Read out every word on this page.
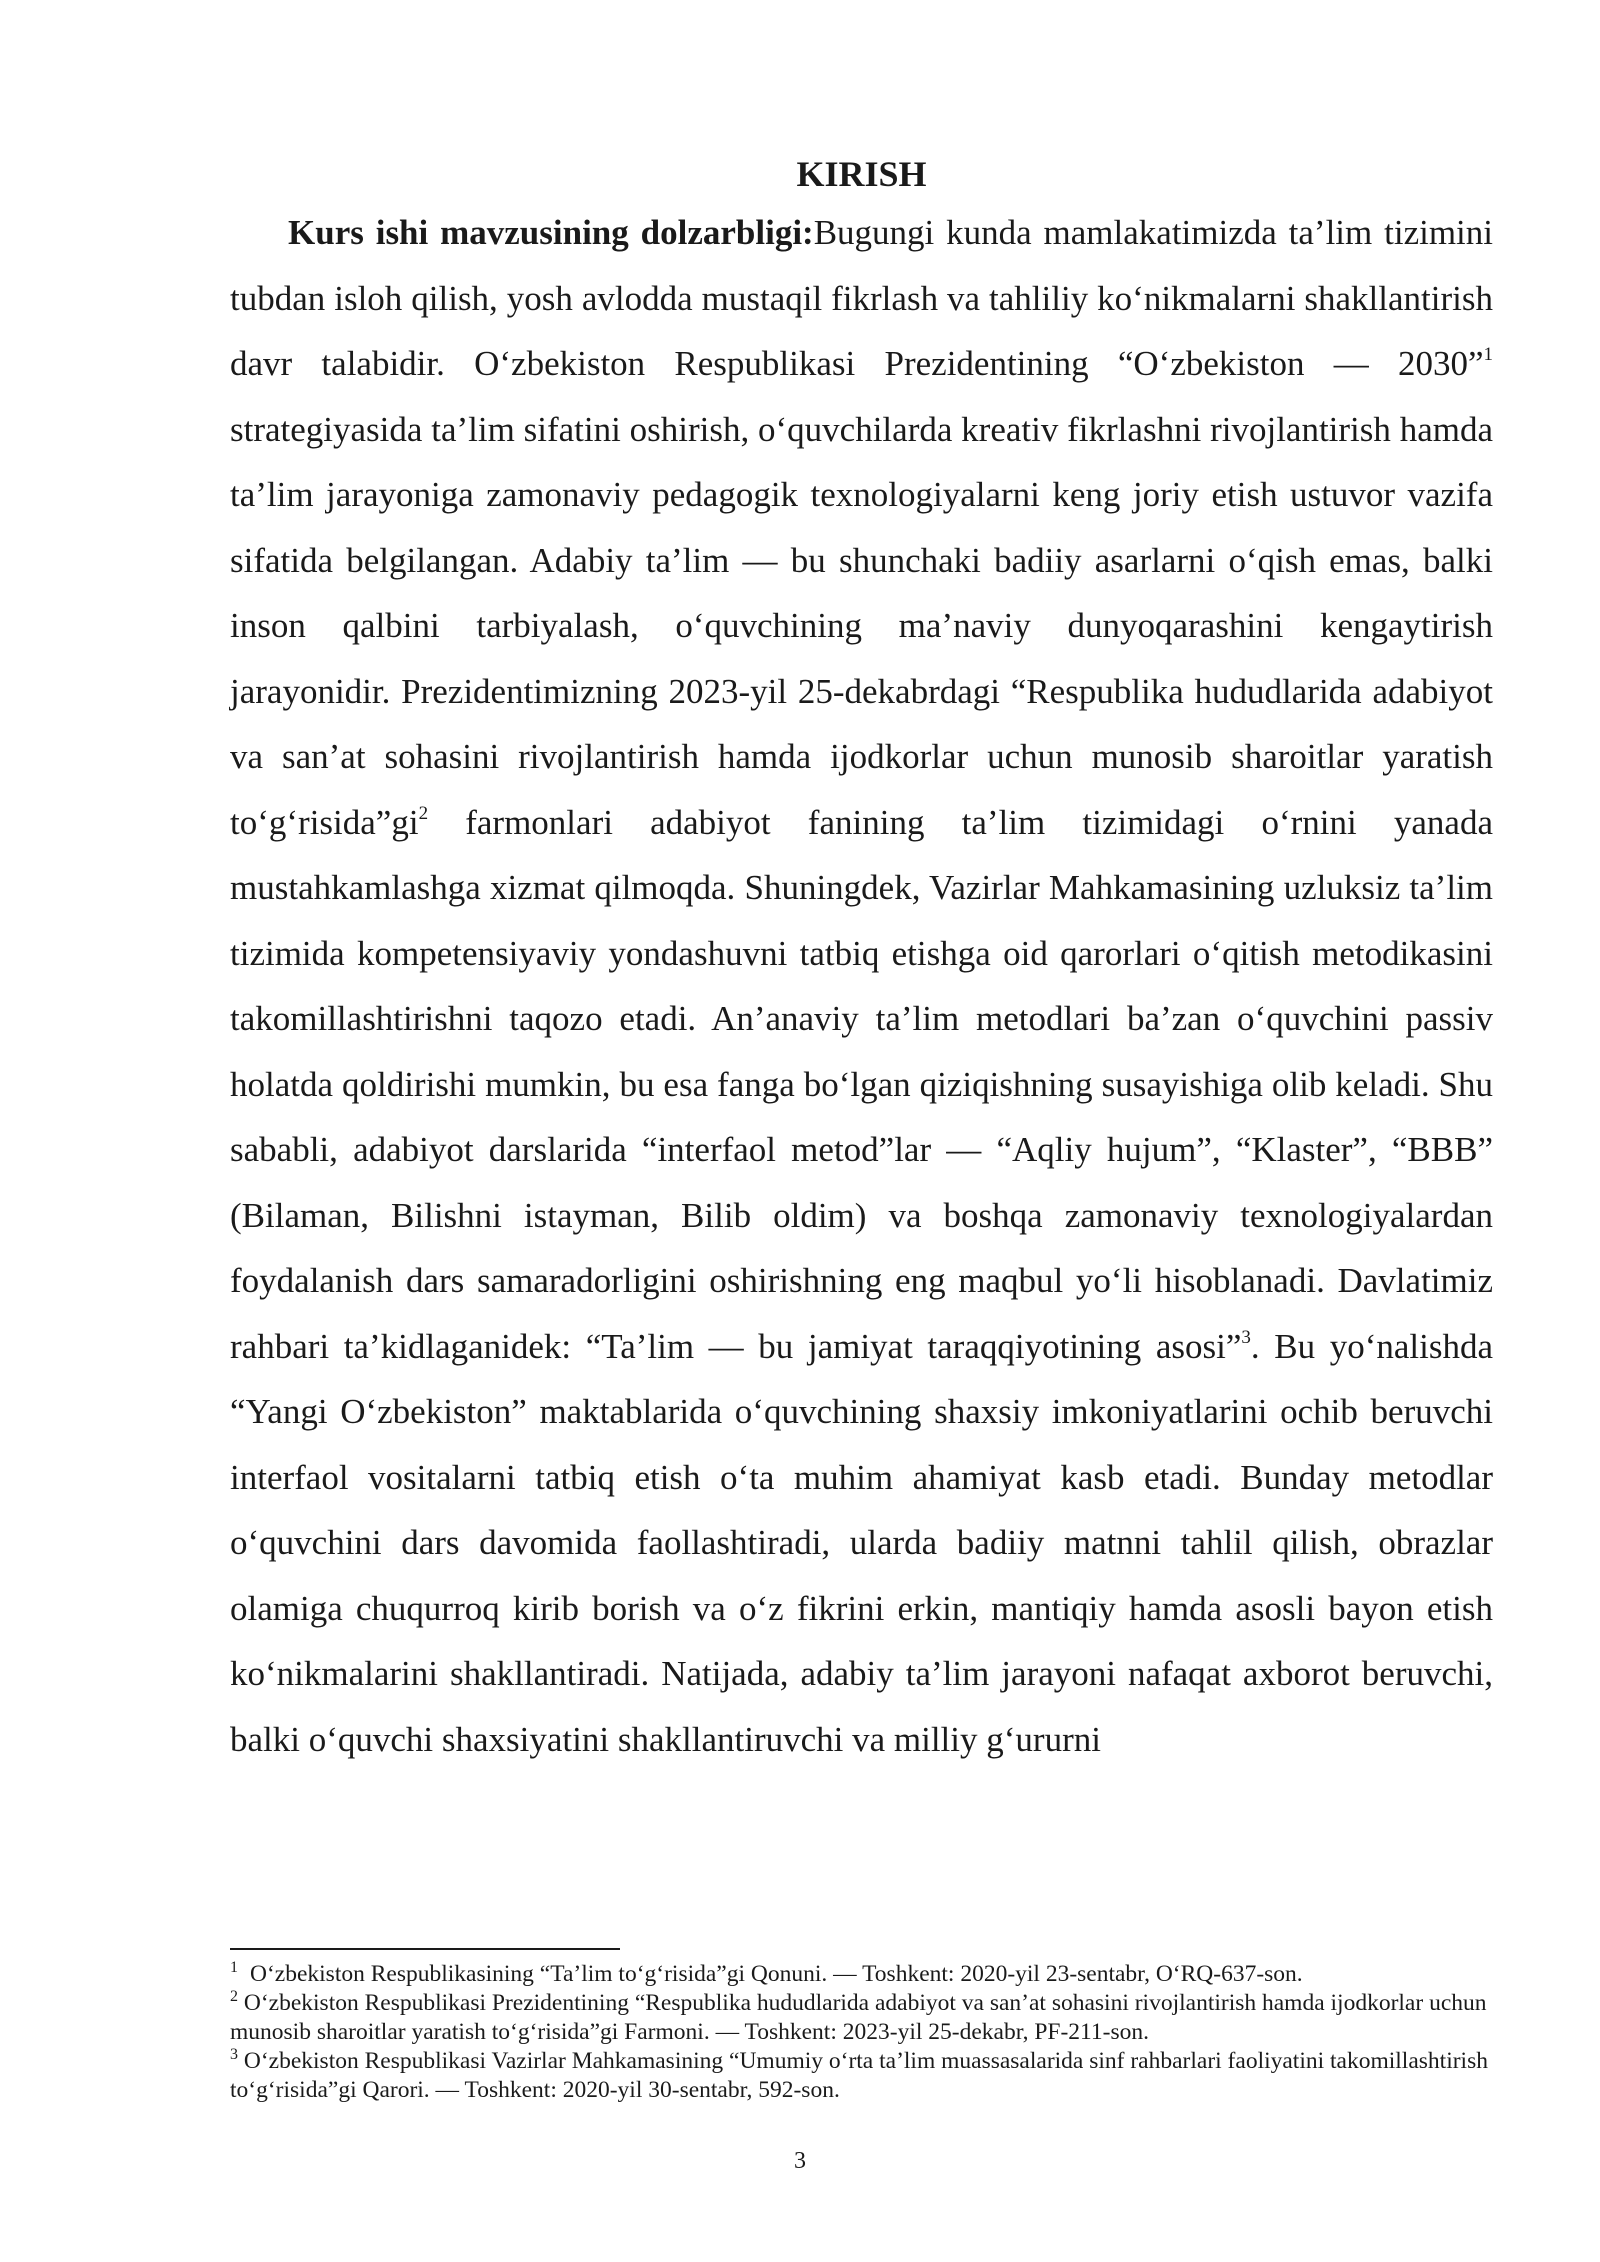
KIRISH

Kurs ishi mavzusining dolzarbligi:Bugungi kunda mamlakatimizda ta’lim tizimini tubdan isloh qilish, yosh avlodda mustaqil fikrlash va tahliliy ko‘nikmalarni shakllantirish davr talabidir. O‘zbekiston Respublikasi Prezidentining “O‘zbekiston — 2030”$^1$ strategiyasida ta’lim sifatini oshirish, o‘quvchilarda kreativ fikrlashni rivojlantirish hamda ta’lim jarayoniga zamonaviy pedagogik texnologiyalarni keng joriy etish ustuvor vazifa sifatida belgilangan. Adabiy ta’lim — bu shunchaki badiiy asarlarni o‘qish emas, balki inson qalbini tarbiyalash, o‘quvchining ma’naviy dunyoqarashini kengaytirish jarayonidir. Prezidentimizning 2023-yil 25-dekabrdagi “Respublika hududlarida adabiyot va san’at sohasini rivojlantirish hamda ijodkorlar uchun munosib sharoitlar yaratish $to‘g‘risida”gi^2$ farmonlari adabiyot fanining ta’lim tizimidagi o‘rnini yanada mustahkamlashga xizmat qilmoqda. Shuningdek, Vazirlar Mahkamasining uzluksiz ta’lim tizimida kompetensiyaviy yondashuvni tatbiq etishga oid qarorlari o‘qitish metodikasini takomillashtirishni taqozo etadi. An’anaviy ta’lim metodlari ba’zan o‘quvchini passiv holatda qoldirishi mumkin, bu esa fanga bo‘lgan qiziqishning susayishiga olib keladi. Shu sababli, adabiyot darslarida “interfaol metod”lar — “Aqliy hujum”, “Klaster”, “BBB” (Bilaman, Bilishni istayman, Bilib oldim) va boshqa zamonaviy texnologiyalardan foydalanish dars samaradorligini oshirishning eng maqbul yo‘li hisoblanadi. Davlatimiz rahbari ta’kidlaganidek: “Ta’lim — bu jamiyat taraqqiyotining asosi”$^3$. Bu yo‘nalishda “Yangi O‘zbekiston” maktablarida o‘quvchining shaxsiy imkoniyatlarini ochib beruvchi interfaol vositalarni tatbiq etish o‘ta muhim ahamiyat kasb etadi. Bunday metodlar o‘quvchini dars davomida faollashtiradi, ularda badiiy matnni tahlil qilish, obrazlar olamiga chuqurroq kirib borish va o‘z fikrini erkin, mantiqiy hamda asosli bayon etish ko‘nikmalarini shakllantiradi. Natijada, adabiy ta’lim jarayoni nafaqat axborot beruvchi, balki o‘quvchi shaxsiyatini shakllantiruvchi va milliy g‘ururni

$^1$ O‘zbekiston Respublikasining “Ta’lim to‘g‘risida”gi Qonuni. — Toshkent: 2020-yil 23-sentabr, O‘RQ-637-son.

$^2$ O‘zbekiston Respublikasi Prezidentining “Respublika hududlarida adabiyot va san’at sohasini rivojlantirish hamda ijodkorlar uchun munosib sharoitlar yaratish to‘g‘risida”gi Farmoni. — Toshkent: 2023-yil 25-dekabr, PF-211-son.

$^3$ O‘zbekiston Respublikasi Vazirlar Mahkamasining “Umumiy o‘rta ta’lim muassasalarida sinf rahbarlari faoliyatini takomillashtirish to‘g‘risida”gi Qarori. — Toshkent: 2020-yil 30-sentabr, 592-son.

3
